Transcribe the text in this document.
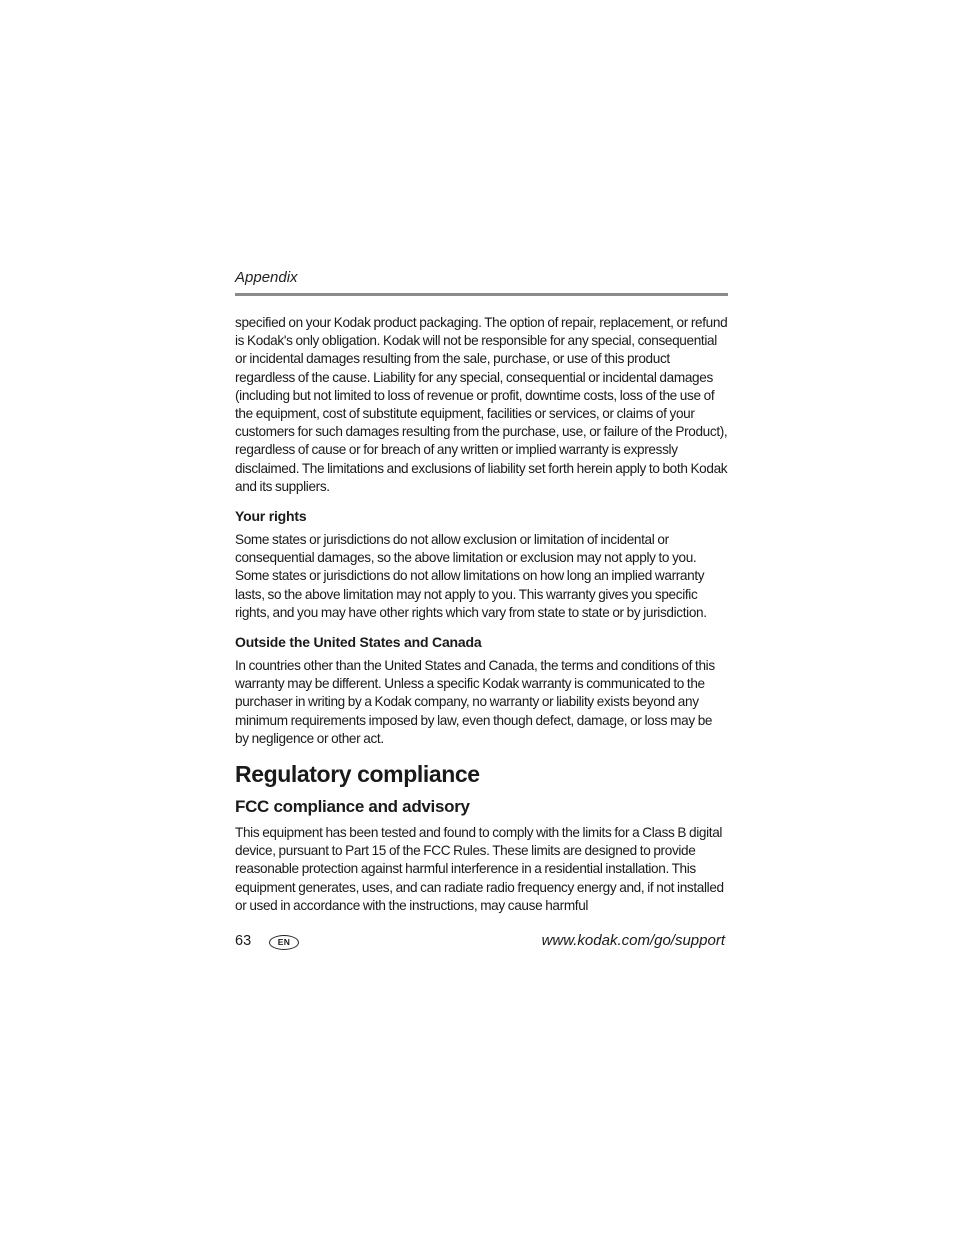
Appendix

specified on your Kodak product packaging. The option of repair, replacement, or refund is Kodak's only obligation. Kodak will not be responsible for any special, consequential or incidental damages resulting from the sale, purchase, or use of this product regardless of the cause. Liability for any special, consequential or incidental damages (including but not limited to loss of revenue or profit, downtime costs, loss of the use of the equipment, cost of substitute equipment, facilities or services, or claims of your customers for such damages resulting from the purchase, use, or failure of the Product), regardless of cause or for breach of any written or implied warranty is expressly disclaimed. The limitations and exclusions of liability set forth herein apply to both Kodak and its suppliers.

Your rights

Some states or jurisdictions do not allow exclusion or limitation of incidental or consequential damages, so the above limitation or exclusion may not apply to you. Some states or jurisdictions do not allow limitations on how long an implied warranty lasts, so the above limitation may not apply to you. This warranty gives you specific rights, and you may have other rights which vary from state to state or by jurisdiction.

Outside the United States and Canada

In countries other than the United States and Canada, the terms and conditions of this warranty may be different. Unless a specific Kodak warranty is communicated to the purchaser in writing by a Kodak company, no warranty or liability exists beyond any minimum requirements imposed by law, even though defect, damage, or loss may be by negligence or other act.

Regulatory compliance
FCC compliance and advisory

This equipment has been tested and found to comply with the limits for a Class B digital device, pursuant to Part 15 of the FCC Rules. These limits are designed to provide reasonable protection against harmful interference in a residential installation. This equipment generates, uses, and can radiate radio frequency energy and, if not installed or used in accordance with the instructions, may cause harmful

63	EN	www.kodak.com/go/support
